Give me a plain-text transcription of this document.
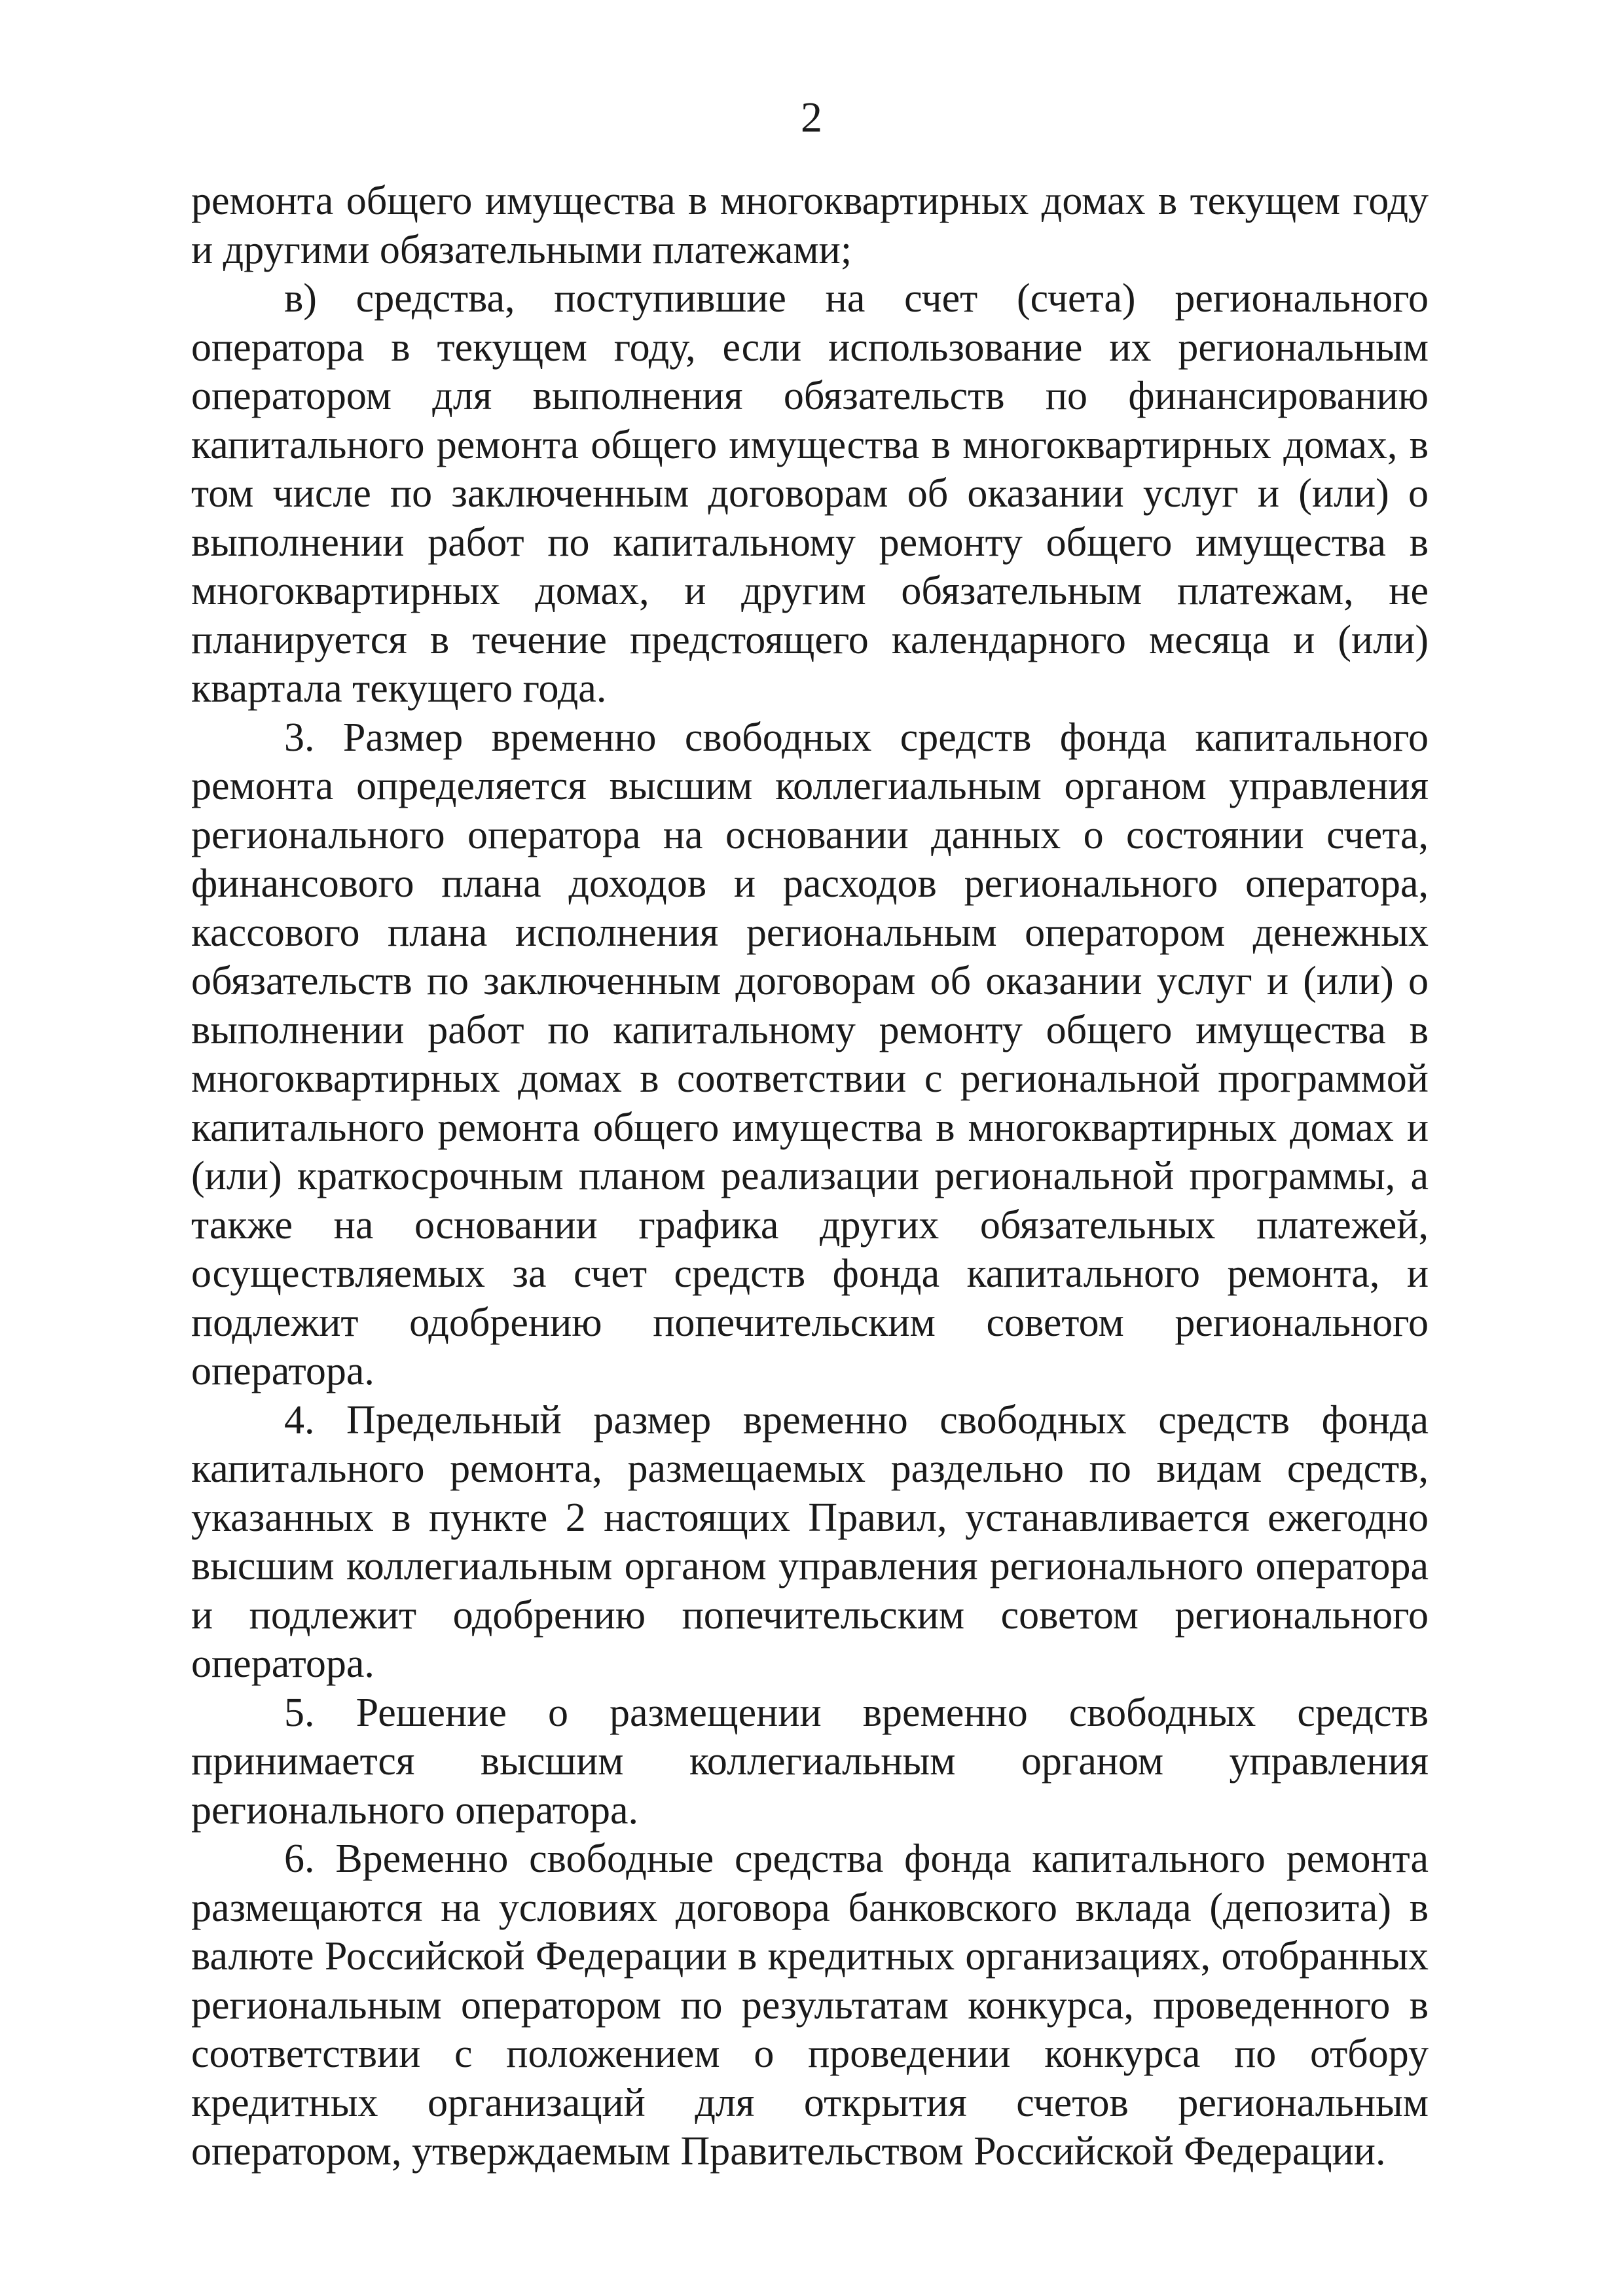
2

ремонта общего имущества в многоквартирных домах в текущем году и другими обязательными платежами;

в) средства, поступившие на счет (счета) регионального оператора в текущем году, если использование их региональным оператором для выполнения обязательств по финансированию капитального ремонта общего имущества в многоквартирных домах, в том числе по заключенным договорам об оказании услуг и (или) о выполнении работ по капитальному ремонту общего имущества в многоквартирных домах, и другим обязательным платежам, не планируется в течение предстоящего календарного месяца и (или) квартала текущего года.

3. Размер временно свободных средств фонда капитального ремонта определяется высшим коллегиальным органом управления регионального оператора на основании данных о состоянии счета, финансового плана доходов и расходов регионального оператора, кассового плана исполнения региональным оператором денежных обязательств по заключенным договорам об оказании услуг и (или) о выполнении работ по капитальному ремонту общего имущества в многоквартирных домах в соответствии с региональной программой капитального ремонта общего имущества в многоквартирных домах и (или) краткосрочным планом реализации региональной программы, а также на основании графика других обязательных платежей, осуществляемых за счет средств фонда капитального ремонта, и подлежит одобрению попечительским советом регионального оператора.

4. Предельный размер временно свободных средств фонда капитального ремонта, размещаемых раздельно по видам средств, указанных в пункте 2 настоящих Правил, устанавливается ежегодно высшим коллегиальным органом управления регионального оператора и подлежит одобрению попечительским советом регионального оператора.

5. Решение о размещении временно свободных средств принимается высшим коллегиальным органом управления регионального оператора.

6. Временно свободные средства фонда капитального ремонта размещаются на условиях договора банковского вклада (депозита) в валюте Российской Федерации в кредитных организациях, отобранных региональным оператором по результатам конкурса, проведенного в соответствии с положением о проведении конкурса по отбору кредитных организаций для открытия счетов региональным оператором, утверждаемым Правительством Российской Федерации.
